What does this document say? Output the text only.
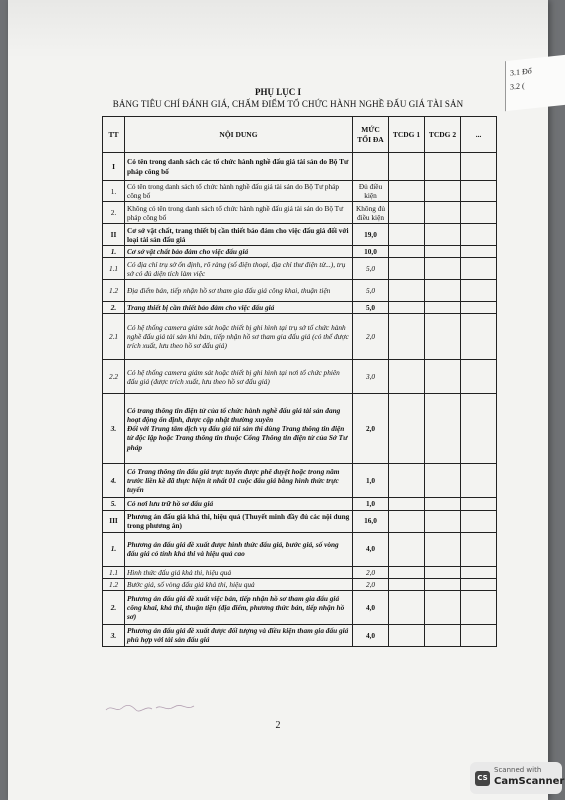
PHỤ LỤC I
BẢNG TIÊU CHÍ ĐÁNH GIÁ, CHẤM ĐIỂM TỔ CHỨC HÀNH NGHỀ ĐẤU GIÁ TÀI SẢN
TT	NỘI DUNG	MỨC TỐI ĐA	TCDG 1	TCDG 2	...
I	Có tên trong danh sách các tổ chức hành nghề đấu giá tài sản do Bộ Tư pháp công bố				
1.	Có tên trong danh sách tổ chức hành nghề đấu giá tài sản do Bộ Tư pháp công bố	Đủ điều kiện			
2.	Không có tên trong danh sách tổ chức hành nghề đấu giá tài sản do Bộ Tư pháp công bố	Không đủ điều kiện			
II	Cơ sở vật chất, trang thiết bị cần thiết bảo đảm cho việc đấu giá đối với loại tài sản đấu giá	19,0			
1.	Cơ sở vật chất bảo đảm cho việc đấu giá	10,0			
1.1	Có địa chỉ trụ sở ổn định, rõ ràng (số điện thoại, địa chỉ thư điện tử...), trụ sở có đủ diện tích làm việc	5,0			
1.2	Địa điểm bán, tiếp nhận hồ sơ tham gia đấu giá công khai, thuận tiện	5,0			
2.	Trang thiết bị cần thiết bảo đảm cho việc đấu giá	5,0			
2.1	Có hệ thống camera giám sát hoặc thiết bị ghi hình tại trụ sở tổ chức hành nghề đấu giá tài sản khi bán, tiếp nhận hồ sơ tham gia đấu giá (có thể được trích xuất, lưu theo hồ sơ đấu giá)	2,0			
2.2	Có hệ thống camera giám sát hoặc thiết bị ghi hình tại nơi tổ chức phiên đấu giá (được trích xuất, lưu theo hồ sơ đấu giá)	3,0			
3.	Có trang thông tin điện tử của tổ chức hành nghề đấu giá tài sản đang hoạt động ổn định, được cập nhật thường xuyên
Đối với Trung tâm dịch vụ đấu giá tài sản thì dùng Trang thông tin điện tử độc lập hoặc Trang thông tin thuộc Cổng Thông tin điện tử của Sở Tư pháp	2,0			
4.	Có Trang thông tin đấu giá trực tuyến được phê duyệt hoặc trong năm trước liền kề đã thực hiện ít nhất 01 cuộc đấu giá bằng hình thức trực tuyến	1,0			
5.	Có nơi lưu trữ hồ sơ đấu giá	1,0			
III	Phương án đấu giá khả thi, hiệu quả (Thuyết minh đầy đủ các nội dung trong phương án)	16,0			
1.	Phương án đấu giá đề xuất được hình thức đấu giá, bước giá, số vòng đấu giá có tính khả thi và hiệu quả cao	4,0			
1.1	Hình thức đấu giá khả thi, hiệu quả	2,0			
1.2	Bước giá, số vòng đấu giá khả thi, hiệu quả	2,0			
2.	Phương án đấu giá đề xuất việc bán, tiếp nhận hồ sơ tham gia đấu giá công khai, khả thi, thuận tiện (địa điểm, phương thức bán, tiếp nhận hồ sơ)	4,0			
3.	Phương án đấu giá đề xuất được đối tượng và điều kiện tham gia đấu giá phù hợp với tài sản đấu giá	4,0			
2
3.1 Đổ
3.2 (
CS
Scanned with
CamScanner
